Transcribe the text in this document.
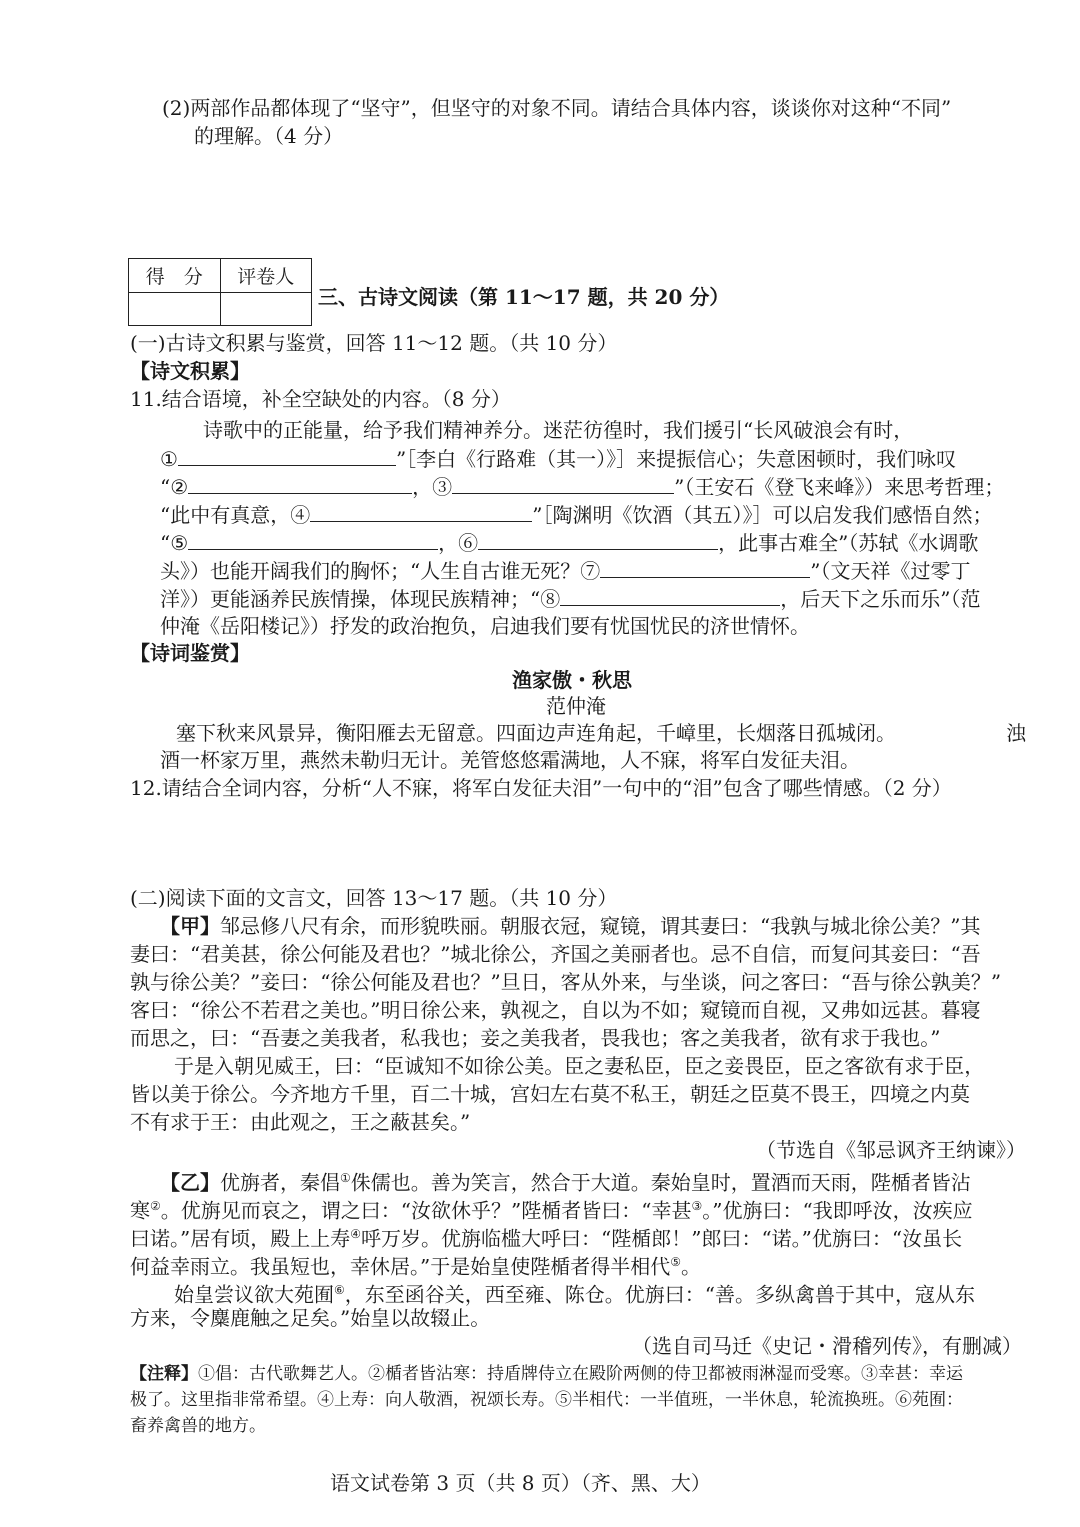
(2)两部作品都体现了“坚守”，但坚守的对象不同。请结合具体内容，谈谈你对这种“不同”
的理解。（4 分）
得　分	评卷人

三、古诗文阅读（第 11～17 题，共 20 分）
(一)古诗文积累与鉴赏，回答 11～12 题。（共 10 分）
【诗文积累】
11.结合语境，补全空缺处的内容。（8 分）
诗歌中的正能量，给予我们精神养分。迷茫彷徨时，我们援引“长风破浪会有时，
①	”［李白《行路难（其一）》］来提振信心；失意困顿时，我们咏叹
“②	，③	”（王安石《登飞来峰》）来思考哲理；
“此中有真意，④	”［陶渊明《饮酒（其五）》］可以启发我们感悟自然；
“⑤	，⑥	，此事古难全”（苏轼《水调歌
头》）也能开阔我们的胸怀；“人生自古谁无死？⑦	”（文天祥《过零丁
洋》）更能涵养民族情操，体现民族精神；“⑧	，后天下之乐而乐”（范
仲淹《岳阳楼记》）抒发的政治抱负，启迪我们要有忧国忧民的济世情怀。
【诗词鉴赏】
渔家傲・秋思
范仲淹
塞下秋来风景异，衡阳雁去无留意。四面边声连角起，千嶂里，长烟落日孤城闭。	浊
酒一杯家万里，燕然未勒归无计。羌管悠悠霜满地，人不寐，将军白发征夫泪。
12.请结合全词内容，分析“人不寐，将军白发征夫泪”一句中的“泪”包含了哪些情感。（2 分）
(二)阅读下面的文言文，回答 13～17 题。（共 10 分）
【甲】邹忌修八尺有余，而形貌昳丽。朝服衣冠，窥镜，谓其妻曰：“我孰与城北徐公美？”其
妻曰：“君美甚，徐公何能及君也？”城北徐公，齐国之美丽者也。忌不自信，而复问其妾曰：“吾
孰与徐公美？”妾曰：“徐公何能及君也？”旦日，客从外来，与坐谈，问之客曰：“吾与徐公孰美？”
客曰：“徐公不若君之美也。”明日徐公来，孰视之，自以为不如；窥镜而自视，又弗如远甚。暮寝
而思之，曰：“吾妻之美我者，私我也；妾之美我者，畏我也；客之美我者，欲有求于我也。”
于是入朝见威王，曰：“臣诚知不如徐公美。臣之妻私臣，臣之妾畏臣，臣之客欲有求于臣，
皆以美于徐公。今齐地方千里，百二十城，宫妇左右莫不私王，朝廷之臣莫不畏王，四境之内莫
不有求于王：由此观之，王之蔽甚矣。”
（节选自《邹忌讽齐王纳谏》）
【乙】优旃者，秦倡①侏儒也。善为笑言，然合于大道。秦始皇时，置酒而天雨，陛楯者皆沾
寒②。优旃见而哀之，谓之曰：“汝欲休乎？”陛楯者皆曰：“幸甚③。”优旃曰：“我即呼汝，汝疾应
曰诺。”居有顷，殿上上寿④呼万岁。优旃临槛大呼曰：“陛楯郎！”郎曰：“诺。”优旃曰：“汝虽长
何益幸雨立。我虽短也，幸休居。”于是始皇使陛楯者得半相代⑤。
始皇尝议欲大苑囿⑥，东至函谷关，西至雍、陈仓。优旃曰：“善。多纵禽兽于其中，寇从东
方来，令麋鹿触之足矣。”始皇以故辍止。
（选自司马迁《史记・滑稽列传》，有删减）
【注释】①倡：古代歌舞艺人。②楯者皆沾寒：持盾牌侍立在殿阶两侧的侍卫都被雨淋湿而受寒。③幸甚：幸运
极了。这里指非常希望。④上寿：向人敬酒，祝颂长寿。⑤半相代：一半值班，一半休息，轮流换班。⑥苑囿：
畜养禽兽的地方。
语文试卷第 3 页（共 8 页）（齐、黑、大）
